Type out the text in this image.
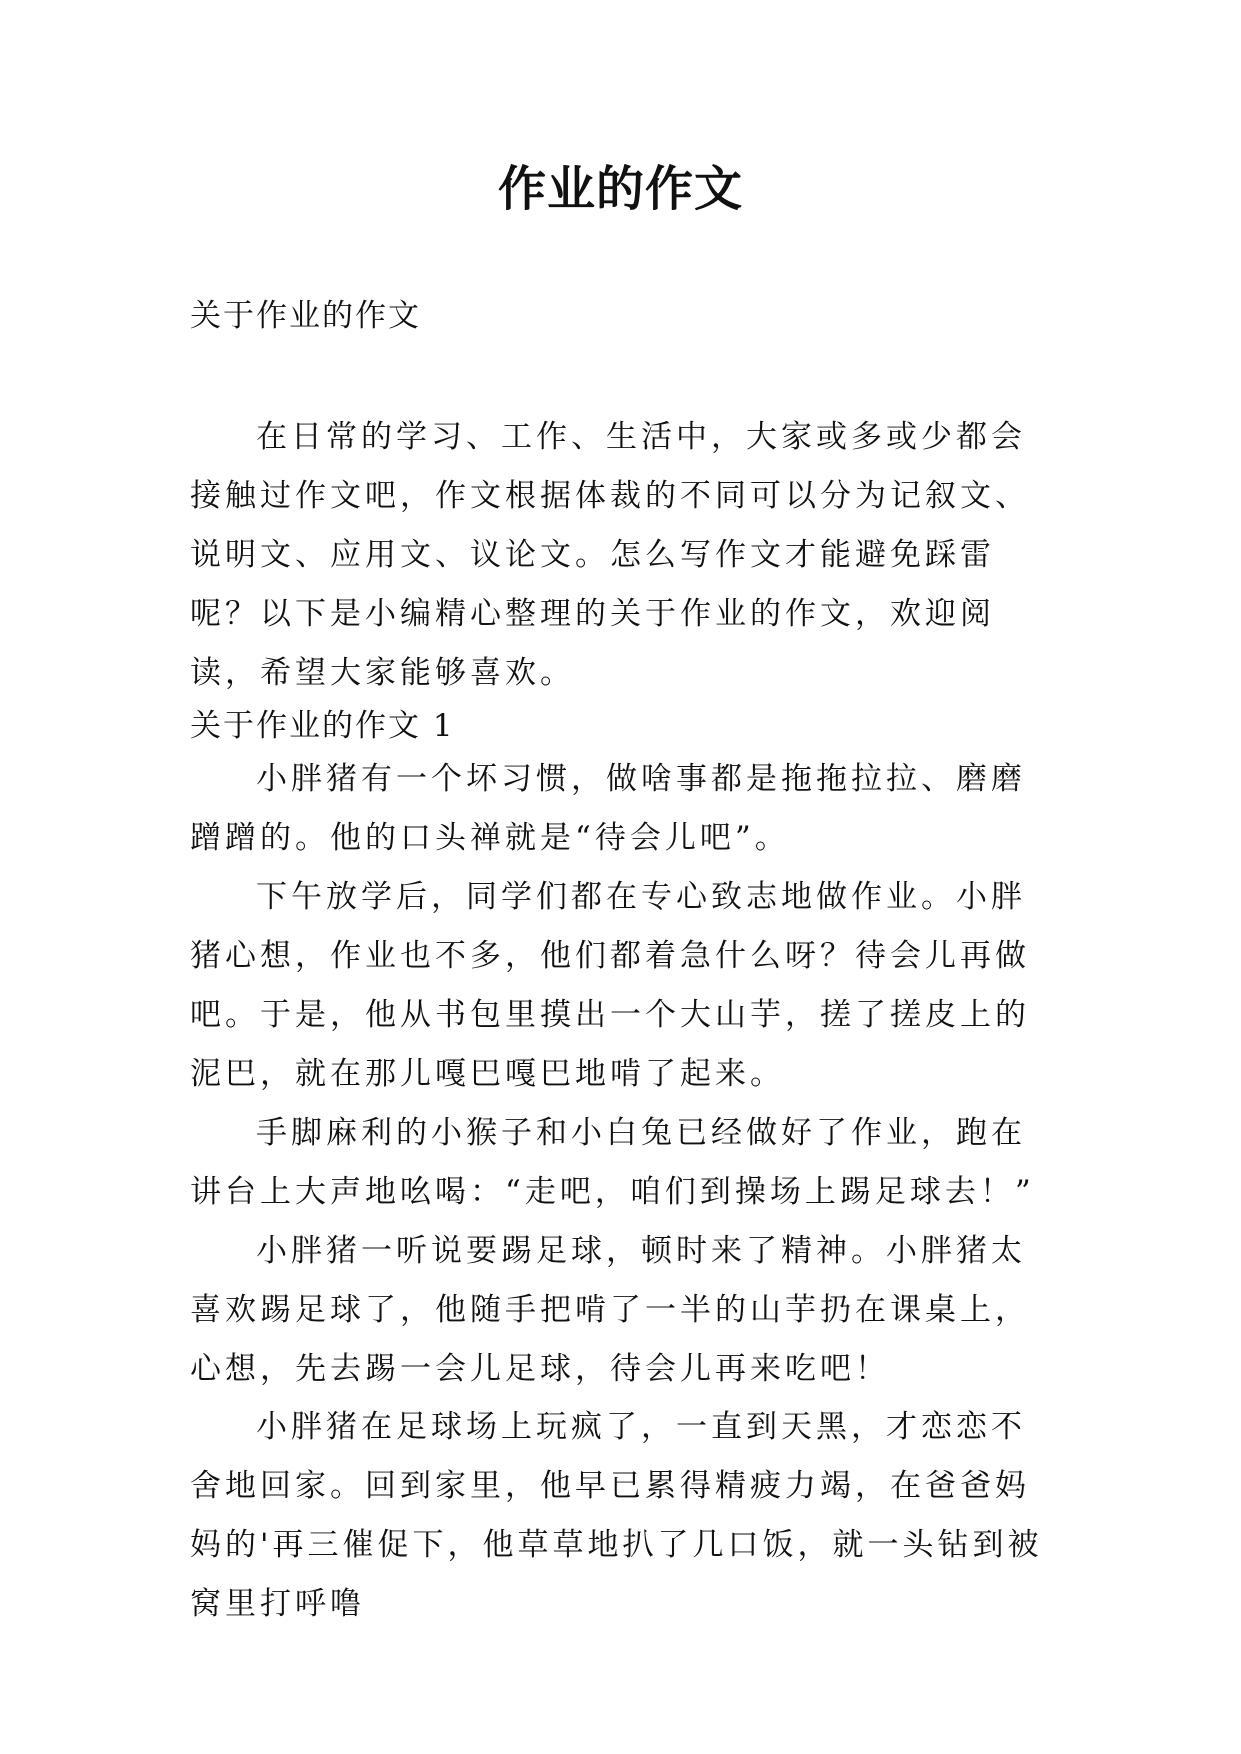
作业的作文

关于作业的作文

在日常的学习、工作、生活中，大家或多或少都会接触过作文吧，作文根据体裁的不同可以分为记叙文、说明文、应用文、议论文。怎么写作文才能避免踩雷呢？以下是小编精心整理的关于作业的作文，欢迎阅读，希望大家能够喜欢。

关于作业的作文 1

小胖猪有一个坏习惯，做啥事都是拖拖拉拉、磨磨蹭蹭的。他的口头禅就是“待会儿吧”。

下午放学后，同学们都在专心致志地做作业。小胖猪心想，作业也不多，他们都着急什么呀？待会儿再做吧。于是，他从书包里摸出一个大山芋，搓了搓皮上的泥巴，就在那儿嘎巴嘎巴地啃了起来。

手脚麻利的小猴子和小白兔已经做好了作业，跑在讲台上大声地吆喝：“走吧，咱们到操场上踢足球去！”

小胖猪一听说要踢足球，顿时来了精神。小胖猪太喜欢踢足球了，他随手把啃了一半的山芋扔在课桌上，心想，先去踢一会儿足球，待会儿再来吃吧！

小胖猪在足球场上玩疯了，一直到天黑，才恋恋不舍地回家。回到家里，他早已累得精疲力竭，在爸爸妈妈的'再三催促下，他草草地扒了几口饭，就一头钻到被窝里打呼噜
